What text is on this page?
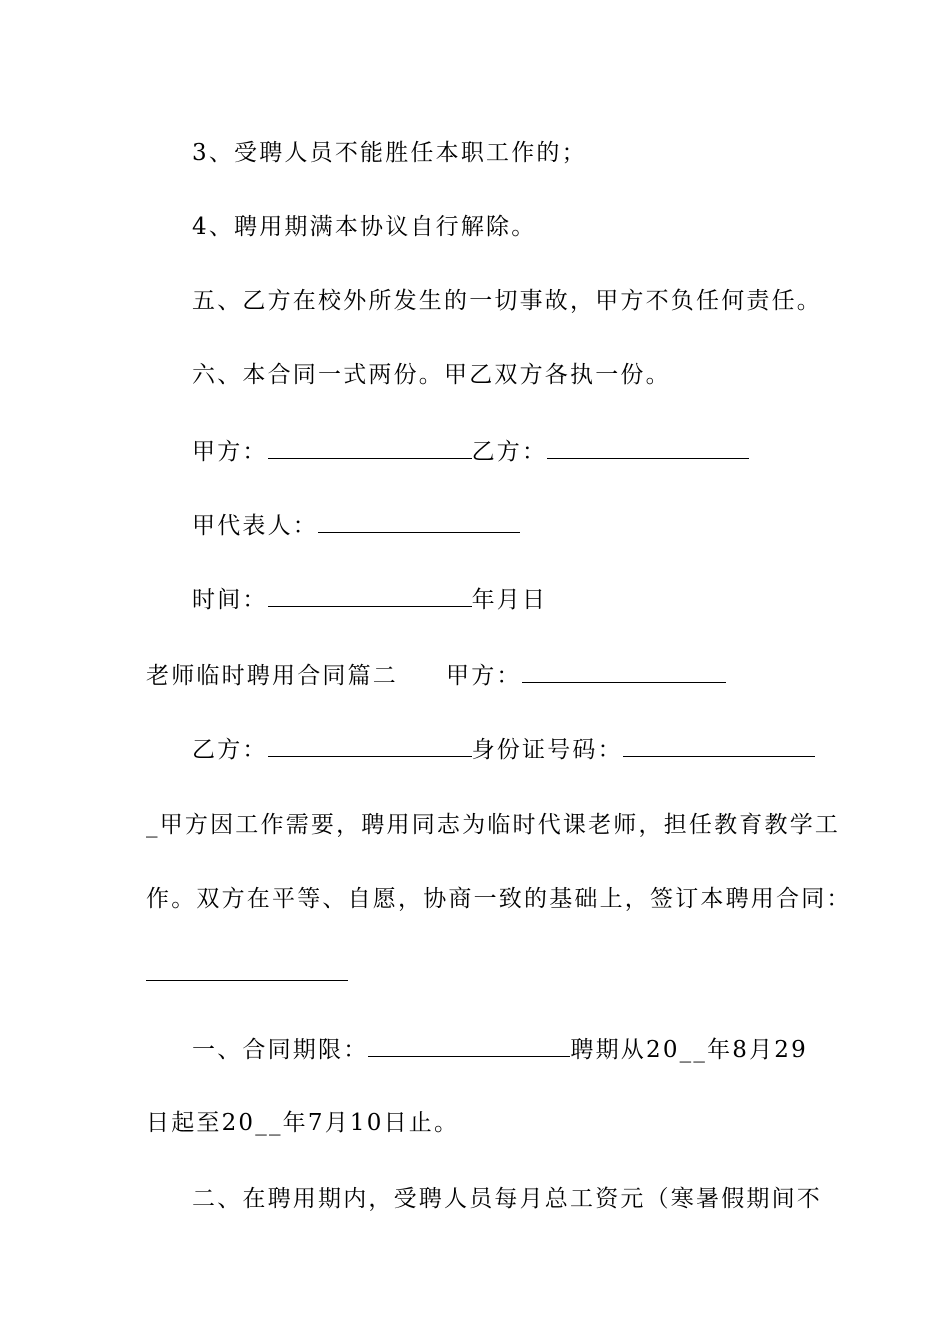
3、受聘人员不能胜任本职工作的；
4、聘用期满本协议自行解除。
五、乙方在校外所发生的一切事故，甲方不负任何责任。
六、本合同一式两份。甲乙双方各执一份。
甲方：	乙方：
甲代表人：
时间：	年月日
老师临时聘用合同篇二 甲方：
乙方：	身份证号码：
_甲方因工作需要，聘用同志为临时代课老师，担任教育教学工
作。双方在平等、自愿，协商一致的基础上，签订本聘用合同：
一、合同期限：	聘期从20__年8月29
日起至20__年7月10日止。
二、在聘用期内，受聘人员每月总工资元（寒暑假期间不
